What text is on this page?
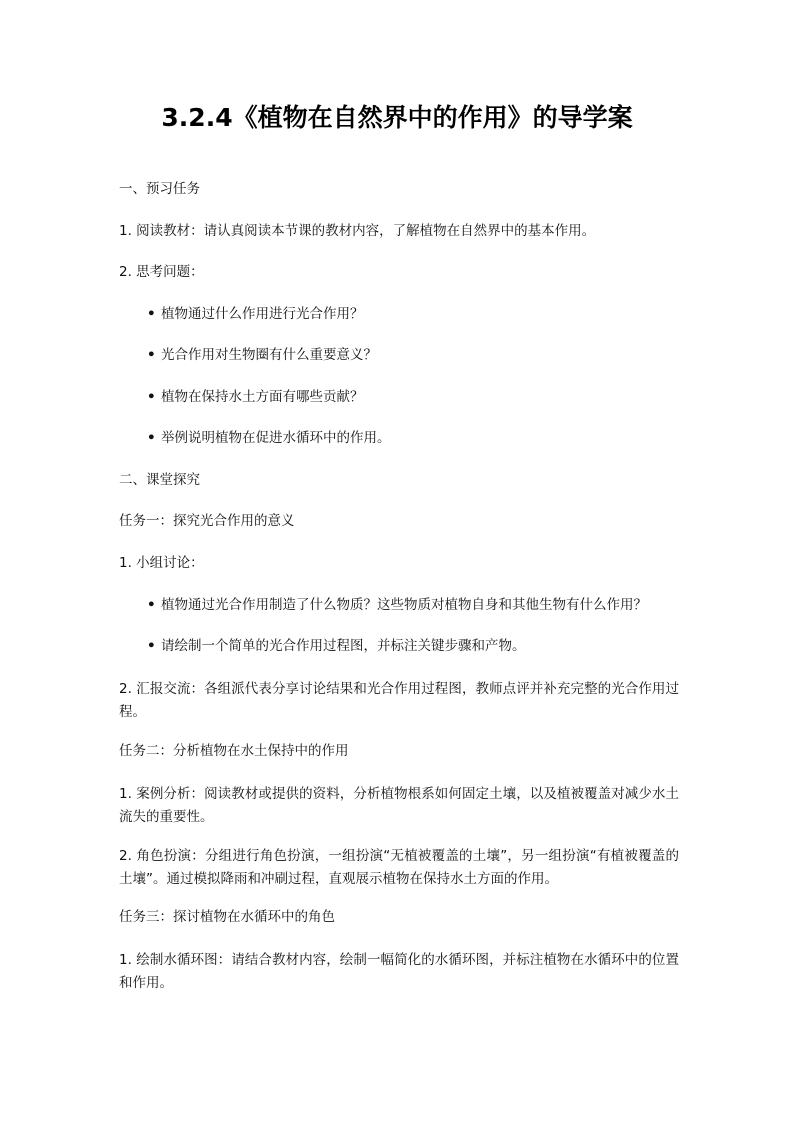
3.2.4《植物在自然界中的作用》的导学案

一、预习任务

1. 阅读教材：请认真阅读本节课的教材内容，了解植物在自然界中的基本作用。

2. 思考问题：

• 植物通过什么作用进行光合作用？

• 光合作用对生物圈有什么重要意义？

• 植物在保持水土方面有哪些贡献？

• 举例说明植物在促进水循环中的作用。

二、课堂探究

任务一：探究光合作用的意义

1. 小组讨论：

• 植物通过光合作用制造了什么物质？这些物质对植物自身和其他生物有什么作用？

• 请绘制一个简单的光合作用过程图，并标注关键步骤和产物。

2. 汇报交流：各组派代表分享讨论结果和光合作用过程图，教师点评并补充完整的光合作用过程。

任务二：分析植物在水土保持中的作用

1. 案例分析：阅读教材或提供的资料，分析植物根系如何固定土壤，以及植被覆盖对减少水土流失的重要性。

2. 角色扮演：分组进行角色扮演，一组扮演“无植被覆盖的土壤”，另一组扮演“有植被覆盖的土壤”。通过模拟降雨和冲刷过程，直观展示植物在保持水土方面的作用。

任务三：探讨植物在水循环中的角色

1. 绘制水循环图：请结合教材内容，绘制一幅简化的水循环图，并标注植物在水循环中的位置和作用。
